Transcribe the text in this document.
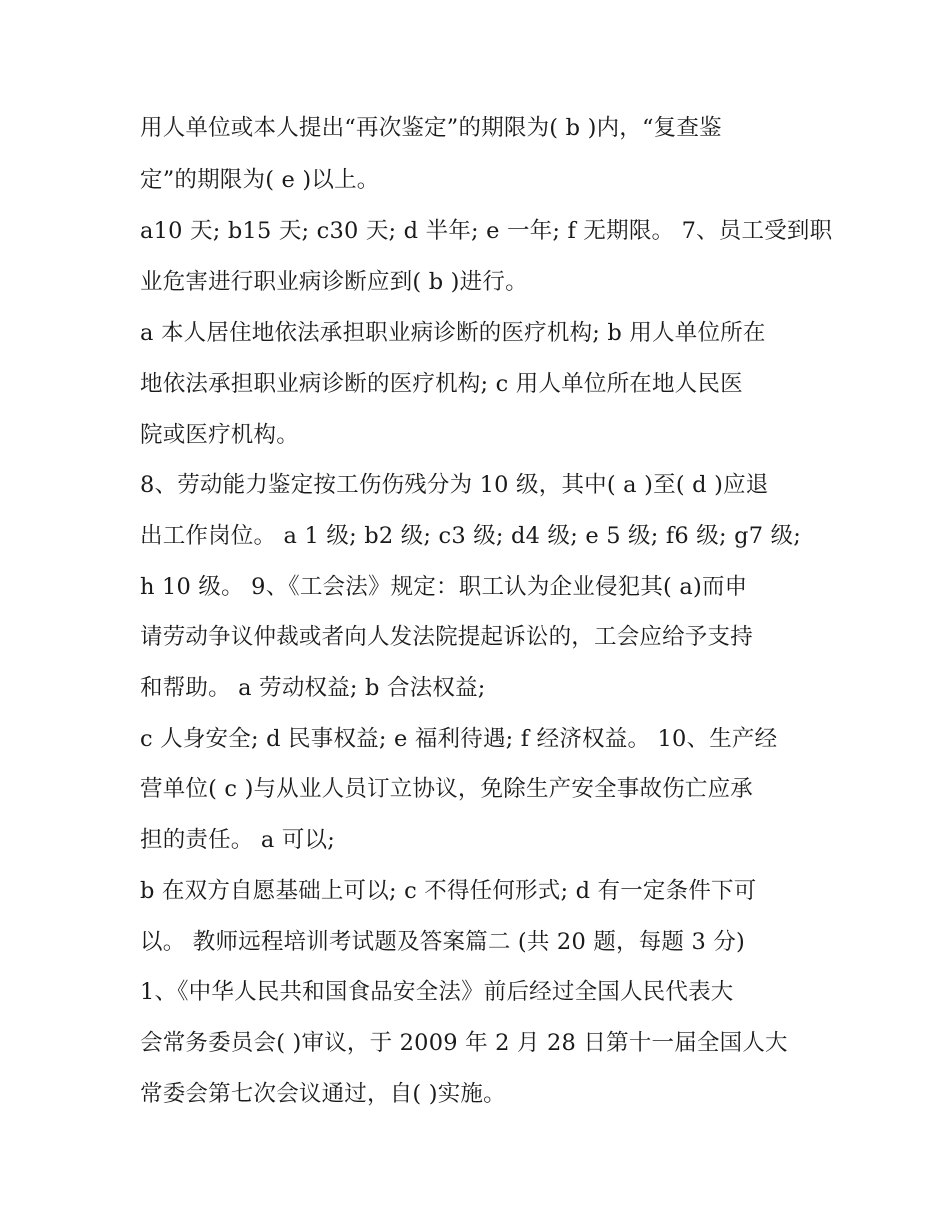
用人单位或本人提出“再次鉴定”的期限为( b )内，“复查鉴

定”的期限为( e )以上。

a10 天; b15 天; c30 天; d 半年; e 一年; f 无期限。 7、员工受到职

业危害进行职业病诊断应到( b )进行。

a 本人居住地依法承担职业病诊断的医疗机构; b 用人单位所在

地依法承担职业病诊断的医疗机构; c 用人单位所在地人民医

院或医疗机构。

8、劳动能力鉴定按工伤伤残分为 10 级，其中( a )至( d )应退

出工作岗位。 a 1 级; b2 级; c3 级; d4 级; e 5 级; f6 级; g7 级;

h 10 级。 9、《工会法》规定：职工认为企业侵犯其( a)而申

请劳动争议仲裁或者向人发法院提起诉讼的，工会应给予支持

和帮助。 a 劳动权益; b 合法权益;

c 人身安全; d 民事权益; e 福利待遇; f 经济权益。 10、生产经

营单位( c )与从业人员订立协议，免除生产安全事故伤亡应承

担的责任。 a 可以;

b 在双方自愿基础上可以; c 不得任何形式; d 有一定条件下可

以。 教师远程培训考试题及答案篇二 (共 20 题，每题 3 分)

1、《中华人民共和国食品安全法》前后经过全国人民代表大

会常务委员会( )审议，于 2009 年 2 月 28 日第十一届全国人大

常委会第七次会议通过，自( )实施。
